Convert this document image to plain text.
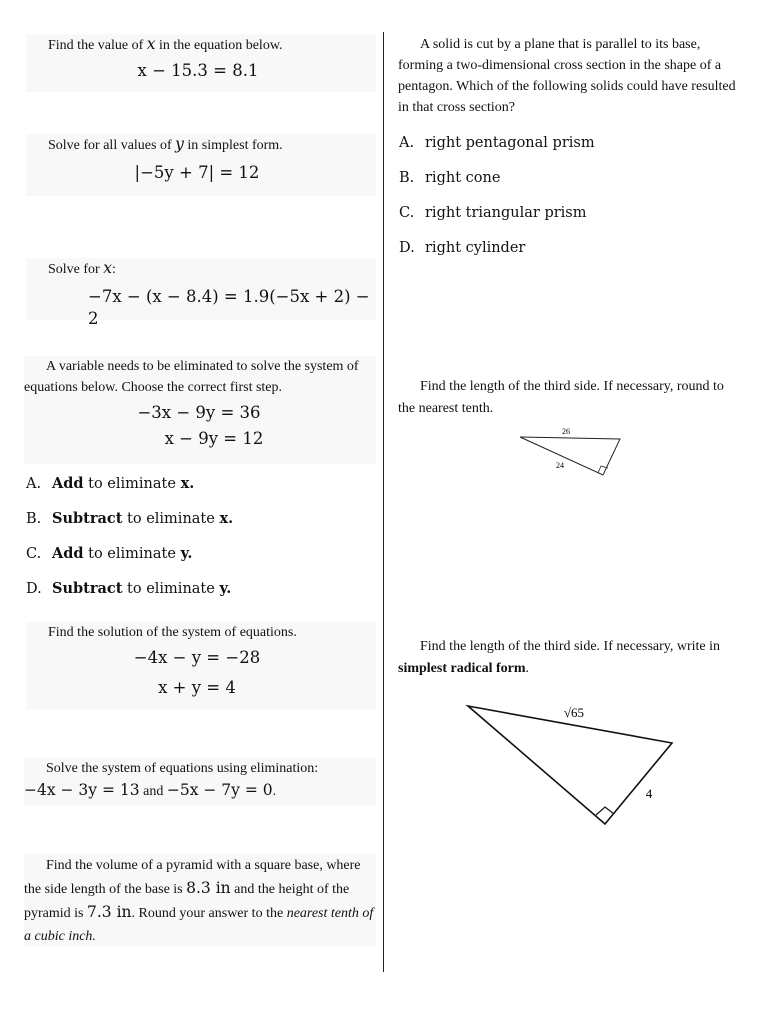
Find the value of x in the equation below.

x − 15.3 = 8.1

Solve for all values of y in simplest form.

|−5y + 7| = 12

Solve for x:

−7x − (x − 8.4) = 1.9(−5x + 2) − 2

A variable needs to be eliminated to solve the system of equations below. Choose the correct first step.

−3x − 9y = 36
x − 9y = 12
A. Add to eliminate x.
B. Subtract to eliminate x.
C. Add to eliminate y.
D. Subtract to eliminate y.

Find the solution of the system of equations.

−4x − y = −28
x + y = 4

Solve the system of equations using elimination:

−4x − 3y = 13 and −5x − 7y = 0.

Find the volume of a pyramid with a square base, where the side length of the base is 8.3 in and the height of the pyramid is 7.3 in. Round your answer to the nearest tenth of a cubic inch.

A solid is cut by a plane that is parallel to its base, forming a two-dimensional cross section in the shape of a pentagon. Which of the following solids could have resulted in that cross section?

A. right pentagonal prism
B. right cone
C. right triangular prism
D. right cylinder

Find the length of the third side. If necessary, round to the nearest tenth.

26
24

Find the length of the third side. If necessary, write in simplest radical form.

√65
4
